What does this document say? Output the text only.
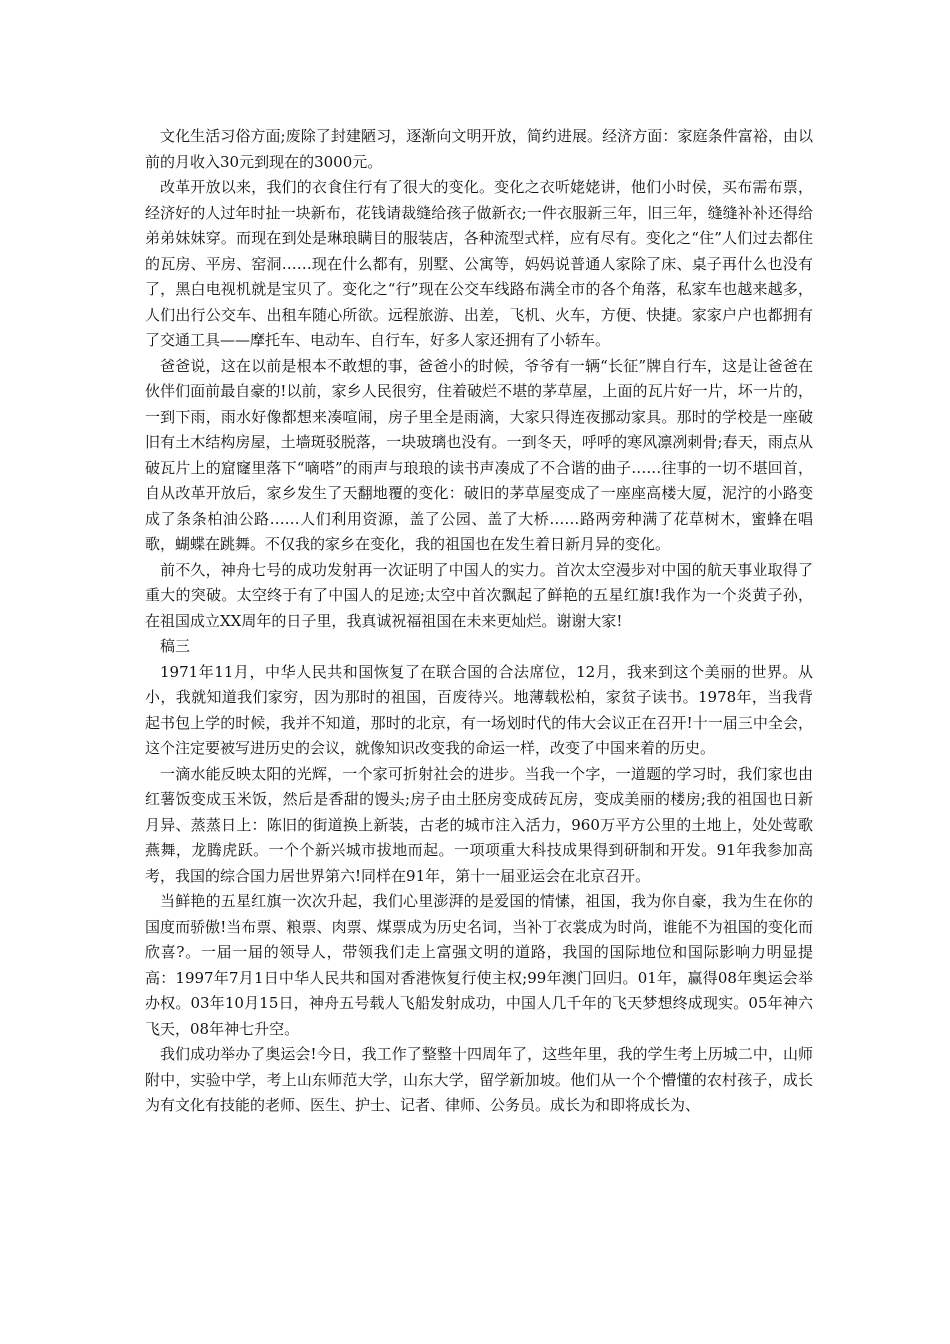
文化生活习俗方面;废除了封建陋习，逐渐向文明开放，简约进展。经济方面：家庭条件富裕，由以前的月收入30元到现在的3000元。

改革开放以来，我们的衣食住行有了很大的变化。变化之衣听姥姥讲，他们小时侯，买布需布票，经济好的人过年时扯一块新布，花钱请裁缝给孩子做新衣;一件衣服新三年，旧三年，缝缝补补还得给弟弟妹妹穿。而现在到处是琳琅瞒目的服装店，各种流型式样，应有尽有。变化之“住”人们过去都住的瓦房、平房、窑洞……现在什么都有，别墅、公寓等，妈妈说普通人家除了床、桌子再什么也没有了，黑白电视机就是宝贝了。变化之“行”现在公交车线路布满全市的各个角落，私家车也越来越多，人们出行公交车、出租车随心所欲。远程旅游、出差，飞机、火车，方便、快捷。家家户户也都拥有了交通工具——摩托车、电动车、自行车，好多人家还拥有了小轿车。

爸爸说，这在以前是根本不敢想的事，爸爸小的时候，爷爷有一辆“长征”牌自行车，这是让爸爸在伙伴们面前最自豪的!以前，家乡人民很穷，住着破烂不堪的茅草屋，上面的瓦片好一片，坏一片的，一到下雨，雨水好像都想来凑喧闹，房子里全是雨滴，大家只得连夜挪动家具。那时的学校是一座破旧有土木结构房屋，土墙斑驳脱落，一块玻璃也没有。一到冬天，呼呼的寒风凛冽刺骨;春天，雨点从破瓦片上的窟窿里落下“嘀嗒”的雨声与琅琅的读书声凑成了不合谐的曲子……往事的一切不堪回首，自从改革开放后，家乡发生了天翻地覆的变化：破旧的茅草屋变成了一座座高楼大厦，泥泞的小路变成了条条柏油公路……人们利用资源，盖了公园、盖了大桥……路两旁种满了花草树木，蜜蜂在唱歌，蝴蝶在跳舞。不仅我的家乡在变化，我的祖国也在发生着日新月异的变化。

前不久，神舟七号的成功发射再一次证明了中国人的实力。首次太空漫步对中国的航天事业取得了重大的突破。太空终于有了中国人的足迹;太空中首次飘起了鲜艳的五星红旗!我作为一个炎黄子孙，在祖国成立XX周年的日子里，我真诚祝福祖国在未来更灿烂。谢谢大家!

稿三

1971年11月，中华人民共和国恢复了在联合国的合法席位，12月，我来到这个美丽的世界。从小，我就知道我们家穷，因为那时的祖国，百废待兴。地薄载松柏，家贫子读书。1978年，当我背起书包上学的时候，我并不知道，那时的北京，有一场划时代的伟大会议正在召开!十一届三中全会，这个注定要被写进历史的会议，就像知识改变我的命运一样，改变了中国来着的历史。

一滴水能反映太阳的光辉，一个家可折射社会的进步。当我一个字，一道题的学习时，我们家也由红薯饭变成玉米饭，然后是香甜的馒头;房子由土胚房变成砖瓦房，变成美丽的楼房;我的祖国也日新月异、蒸蒸日上：陈旧的街道换上新装，古老的城市注入活力，960万平方公里的土地上，处处莺歌燕舞，龙腾虎跃。一个个新兴城市拔地而起。一项项重大科技成果得到研制和开发。91年我参加高考，我国的综合国力居世界第六!同样在91年，第十一届亚运会在北京召开。

当鲜艳的五星红旗一次次升起，我们心里澎湃的是爱国的情愫，祖国，我为你自豪，我为生在你的国度而骄傲!当布票、粮票、肉票、煤票成为历史名词，当补丁衣裳成为时尚，谁能不为祖国的变化而欣喜?。一届一届的领导人，带领我们走上富强文明的道路，我国的国际地位和国际影响力明显提高：1997年7月1日中华人民共和国对香港恢复行使主权;99年澳门回归。01年，赢得08年奥运会举办权。03年10月15日，神舟五号载人飞船发射成功，中国人几千年的飞天梦想终成现实。05年神六飞天，08年神七升空。

我们成功举办了奥运会!今日，我工作了整整十四周年了，这些年里，我的学生考上历城二中，山师附中，实验中学，考上山东师范大学，山东大学，留学新加坡。他们从一个个懵懂的农村孩子，成长为有文化有技能的老师、医生、护士、记者、律师、公务员。成长为和即将成长为、
